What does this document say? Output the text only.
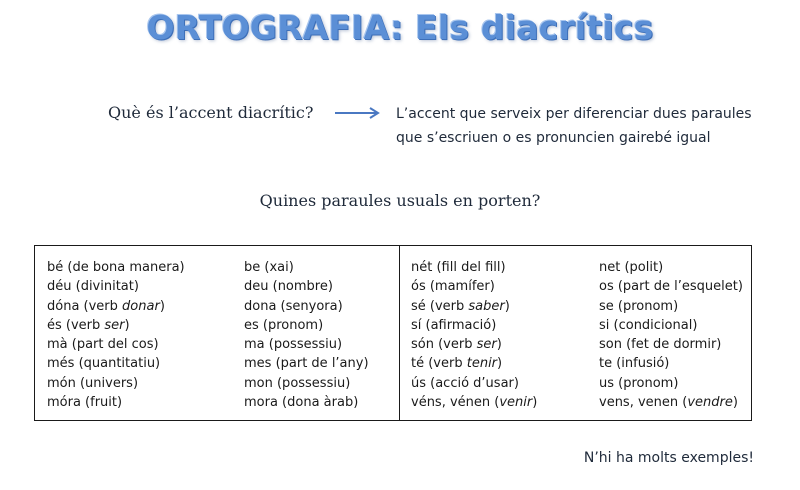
ORTOGRAFIA: Els diacrítics
Què és l’accent diacrític?	L’accent que serveix per diferenciar dues paraules
que s’escriuen o es pronuncien gairebé igual
Quines paraules usuals en porten?
bé (de bona manera)
déu (divinitat)
dóna (verb donar)
és (verb ser)
mà (part del cos)
més (quantitatiu)
món (univers)
móra (fruit)
be (xai)
deu (nombre)
dona (senyora)
es (pronom)
ma (possessiu)
mes (part de l’any)
mon (possessiu)
mora (dona àrab)
nét (fill del fill)
ós (mamífer)
sé (verb saber)
sí (afirmació)
són (verb ser)
té (verb tenir)
ús (acció d’usar)
véns, vénen (venir)
net (polit)
os (part de l’esquelet)
se (pronom)
si (condicional)
son (fet de dormir)
te (infusió)
us (pronom)
vens, venen (vendre)
N’hi ha molts exemples!
